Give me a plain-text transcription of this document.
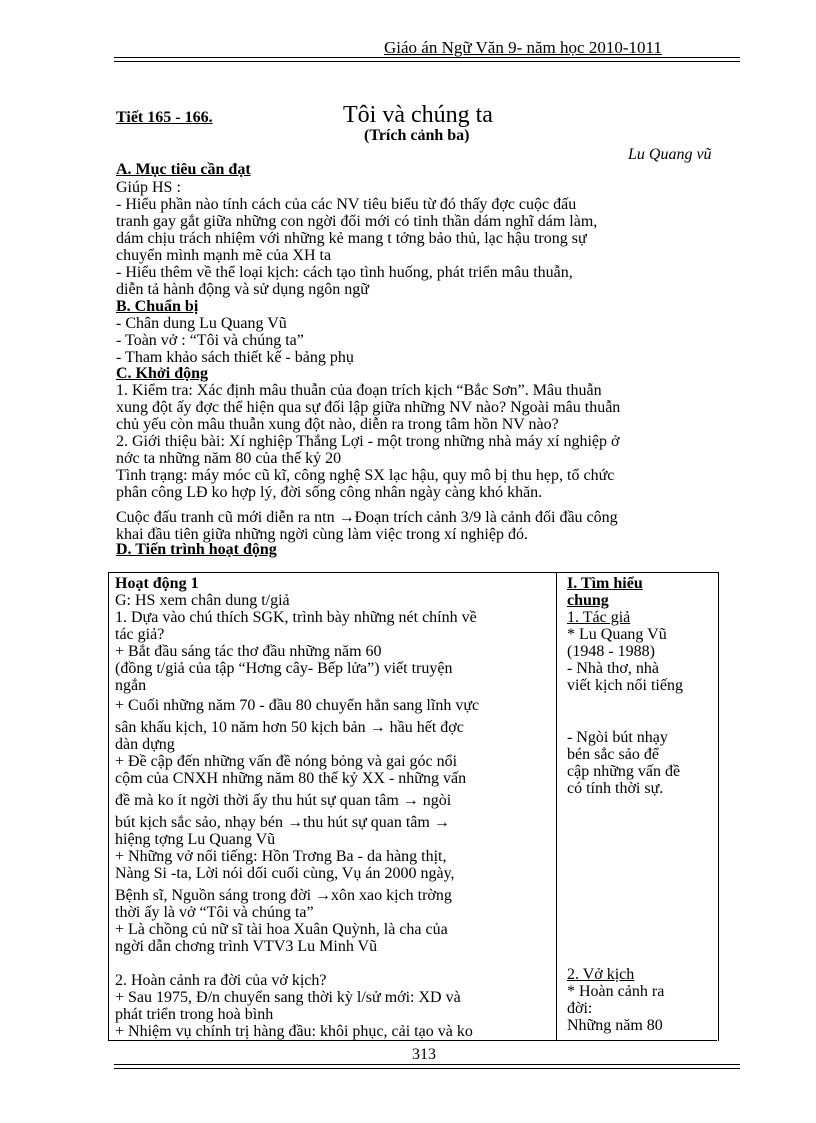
Giáo án Ngữ Văn 9- năm học 2010-1011
Tiết 165 - 166.	Tôi và chúng ta
(Trích cảnh ba)
Lu Quang vũ
A. Mục tiêu cần đạt
Giúp HS :
- Hiểu phần nào tính cách của các NV tiêu biểu từ đó thấy đợc cuộc đấu
tranh gay gắt giữa những con ngời đổi mới có tinh thần dám nghĩ dám làm,
dám chịu trách nhiệm với những kẻ mang t tởng bảo thủ, lạc hậu trong sự
chuyển mình mạnh mẽ của XH ta
- Hiểu thêm về thể loại kịch: cách tạo tình huống, phát triển mâu thuẫn,
diễn tả hành động và sử dụng ngôn ngữ
B. Chuẩn bị
- Chân dung Lu Quang Vũ
- Toàn vở : “Tôi và chúng ta”
- Tham khảo sách thiết kế - bảng phụ
C. Khởi động
1. Kiểm tra: Xác định mâu thuẫn của đoạn trích kịch “Bắc Sơn”. Mâu thuẫn
xung đột ấy đợc thể hiện qua sự đối lập giữa những NV nào? Ngoài mâu thuẫn
chủ yếu còn mâu thuẫn xung đột nào, diễn ra trong tâm hồn NV nào?
2. Giới thiệu bài: Xí nghiệp Thắng Lợi - một trong những nhà máy xí nghiệp ở
nớc ta những năm 80 của thế kỷ 20
Tình trạng: máy móc cũ kĩ, công nghệ SX lạc hậu, quy mô bị thu hẹp, tổ chức
phân công LĐ ko hợp lý, đời sống công nhân ngày càng khó khăn.
Cuộc đấu tranh cũ mới diễn ra ntn →Đoạn trích cảnh 3/9 là cảnh đối đầu công
khai đầu tiên giữa những ngời cùng làm việc trong xí nghiệp đó.
D. Tiến trình hoạt động
Hoạt động 1
G: HS xem chân dung t/giả
1. Dựa vào chú thích SGK, trình bày những nét chính về
tác giả?
+ Bắt đầu sáng tác thơ đầu những năm 60
(đồng t/giả của tập “Hơng cây- Bếp lửa”) viết truyện
ngắn
+ Cuối những năm 70 - đầu 80 chuyển hẳn sang lĩnh vực
sân khấu kịch, 10 năm hơn 50 kịch bản → hầu hết đợc
dàn dựng
+ Đề cập đến những vấn đề nóng bỏng và gai góc nổi
cộm của CNXH những năm 80 thế kỷ XX - những vấn
đề mà ko ít ngời thời ấy thu hút sự quan tâm → ngòi
bút kịch sắc sảo, nhạy bén →thu hút sự quan tâm →
hiệng tợng Lu Quang Vũ
+ Những vở nổi tiếng: Hồn Trơng Ba - da hàng thịt,
Nàng Si -ta, Lời nói dối cuối cùng, Vụ án 2000 ngày,
Bệnh sĩ, Nguồn sáng trong đời →xôn xao kịch trờng
thời ấy là vở “Tôi và chúng ta”
+ Là chồng củ nữ sĩ tài hoa Xuân Quỳnh, là cha của
ngời dẫn chơng trình VTV3 Lu Minh Vũ
2. Hoàn cảnh ra đời của vở kịch?
+ Sau 1975, Đ/n chuyển sang thời kỳ l/sử mới: XD và
phát triển trong hoà bình
+ Nhiệm vụ chính trị hàng đầu: khôi phục, cải tạo và ko
I. Tìm hiểu
chung
1. Tác giả
* Lu Quang Vũ
(1948 - 1988)
- Nhà thơ, nhà
viết kịch nổi tiếng
- Ngòi bút nhạy
bén sắc sảo để
cập những vấn đề
có tính thời sự.
2. Vở kịch
* Hoàn cảnh ra
đời:
Những năm 80
313
